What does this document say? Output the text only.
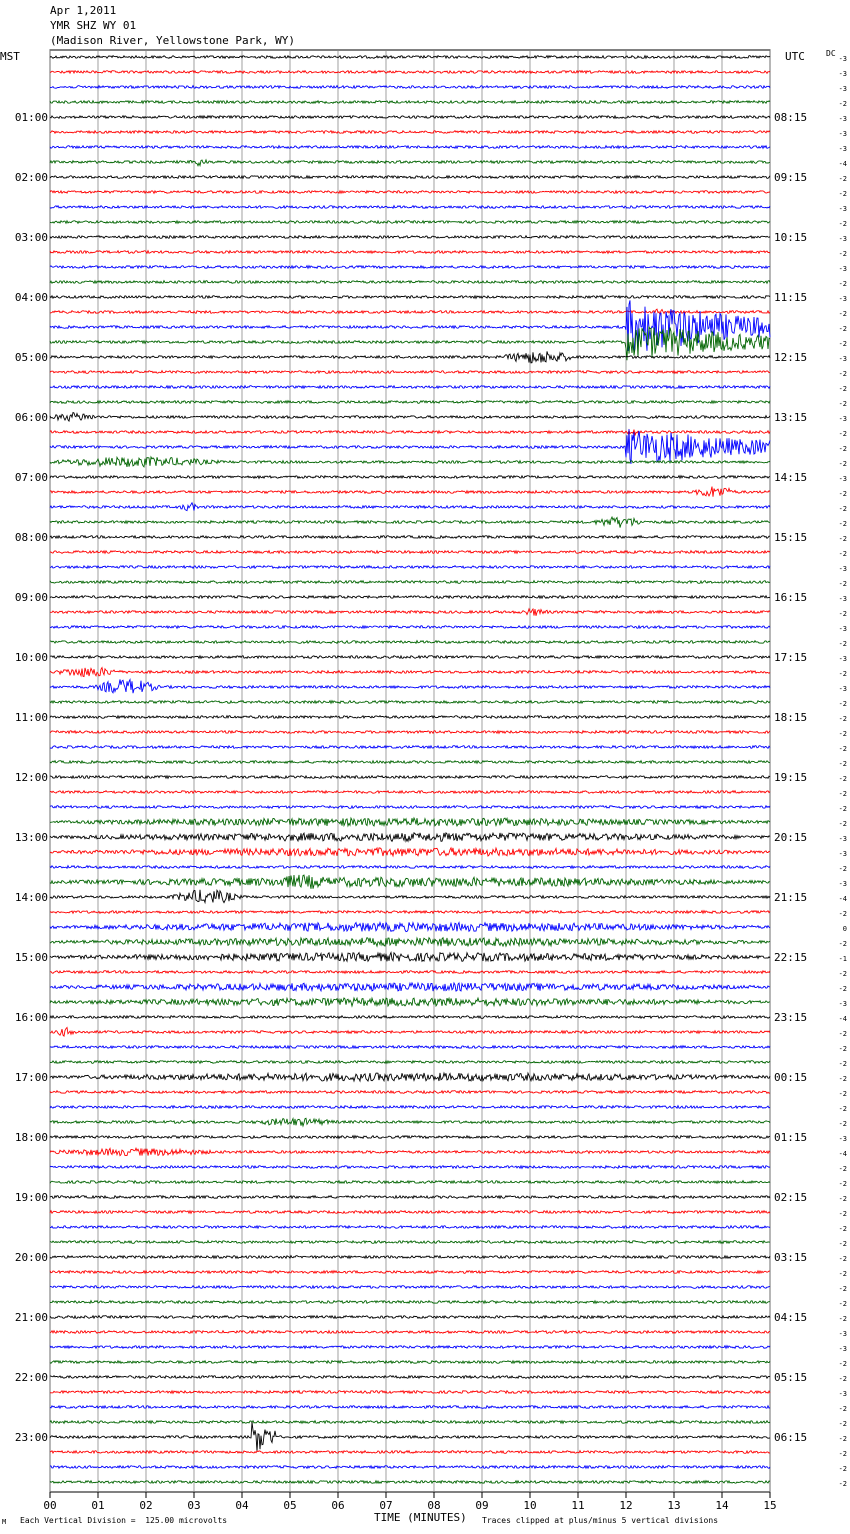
Apr 1,2011
YMR SHZ WY 01
(Madison River, Yellowstone Park, WY)
MST	UTC	DC
00	01	02	03	04	05	06	07	08	09	10	11	12	13	14	15
-3
-3
-3
-2
-3
-3
-3
-4
-2
-2
-3
-2
-3
-2
-3
-2
-3
-2
-2
-2
-3
-2
-2
-2
-3
-2
-2
-2
-3
-2
-2
-2
-2
-2
-3
-2
-3
-2
-3
-2
-3
-2
-3
-2
-2
-2
-2
-2
-2
-2
-2
-2
-3
-3
-2
-3
-4
-2
0
-2
-1
-2
-2
-3
-4
-2
-2
-2
-2
-2
-2
-2
-3
-4
-2
-2
-2
-2
-2
-2
-2
-2
-2
-2
-2
-3
-3
-2
-2
-3
-2
-2
-2
-2
-2
-2
01:00
02:00
03:00
04:00
05:00
06:00
07:00
08:00
09:00
10:00
11:00
12:00
13:00
14:00
15:00
16:00
17:00
18:00
19:00
20:00
21:00
22:00
23:00
08:15
09:15
10:15
11:15
12:15
13:15
14:15
15:15
16:15
17:15
18:15
19:15
20:15
21:15
22:15
23:15
00:15
01:15
02:15
03:15
04:15
05:15
06:15
M Each Vertical Division =  125.00 microvolts	TIME (MINUTES) Traces clipped at plus/minus 5 vertical divisions
